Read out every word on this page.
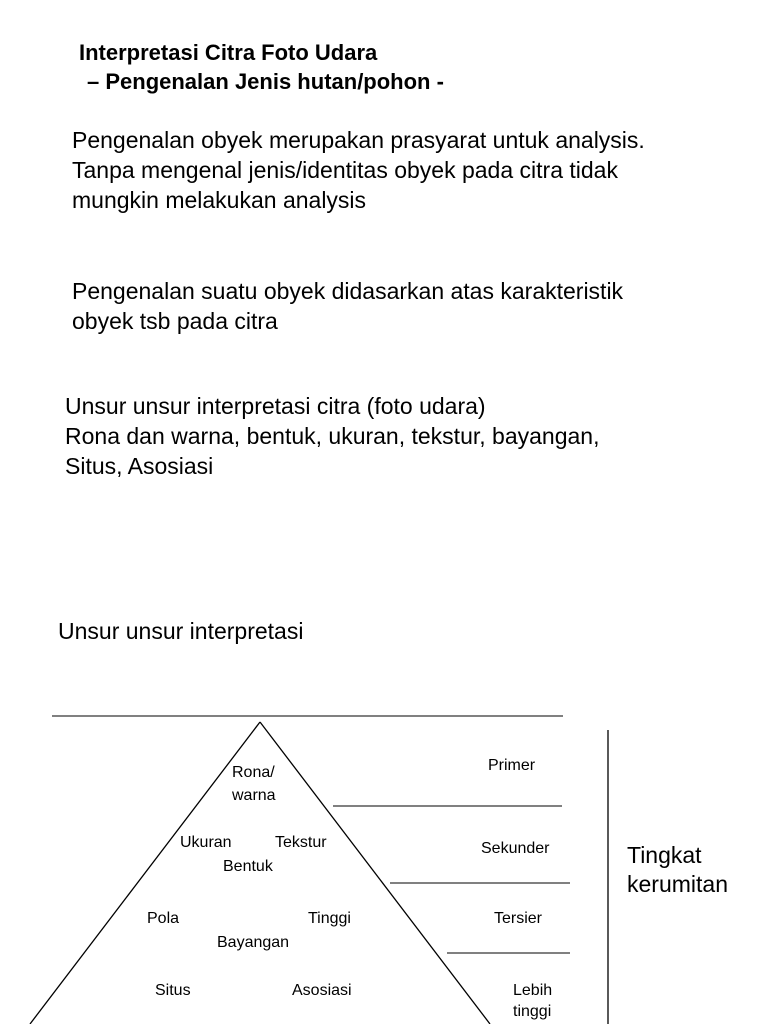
Interpretasi Citra Foto Udara
– Pengenalan Jenis hutan/pohon -
Pengenalan obyek merupakan prasyarat untuk analysis.
Tanpa mengenal jenis/identitas obyek pada citra tidak
mungkin melakukan analysis
Pengenalan suatu obyek didasarkan atas karakteristik
obyek tsb pada citra
Unsur unsur interpretasi citra (foto udara)
Rona dan warna, bentuk, ukuran, tekstur, bayangan,
Situs, Asosiasi
Unsur unsur interpretasi
Rona/
warna
Ukuran	Tekstur
Bentuk
Pola	Tinggi
Bayangan
Situs	Asosiasi
Primer
Sekunder
Tersier
Lebih
tinggi
Tingkat
kerumitan
